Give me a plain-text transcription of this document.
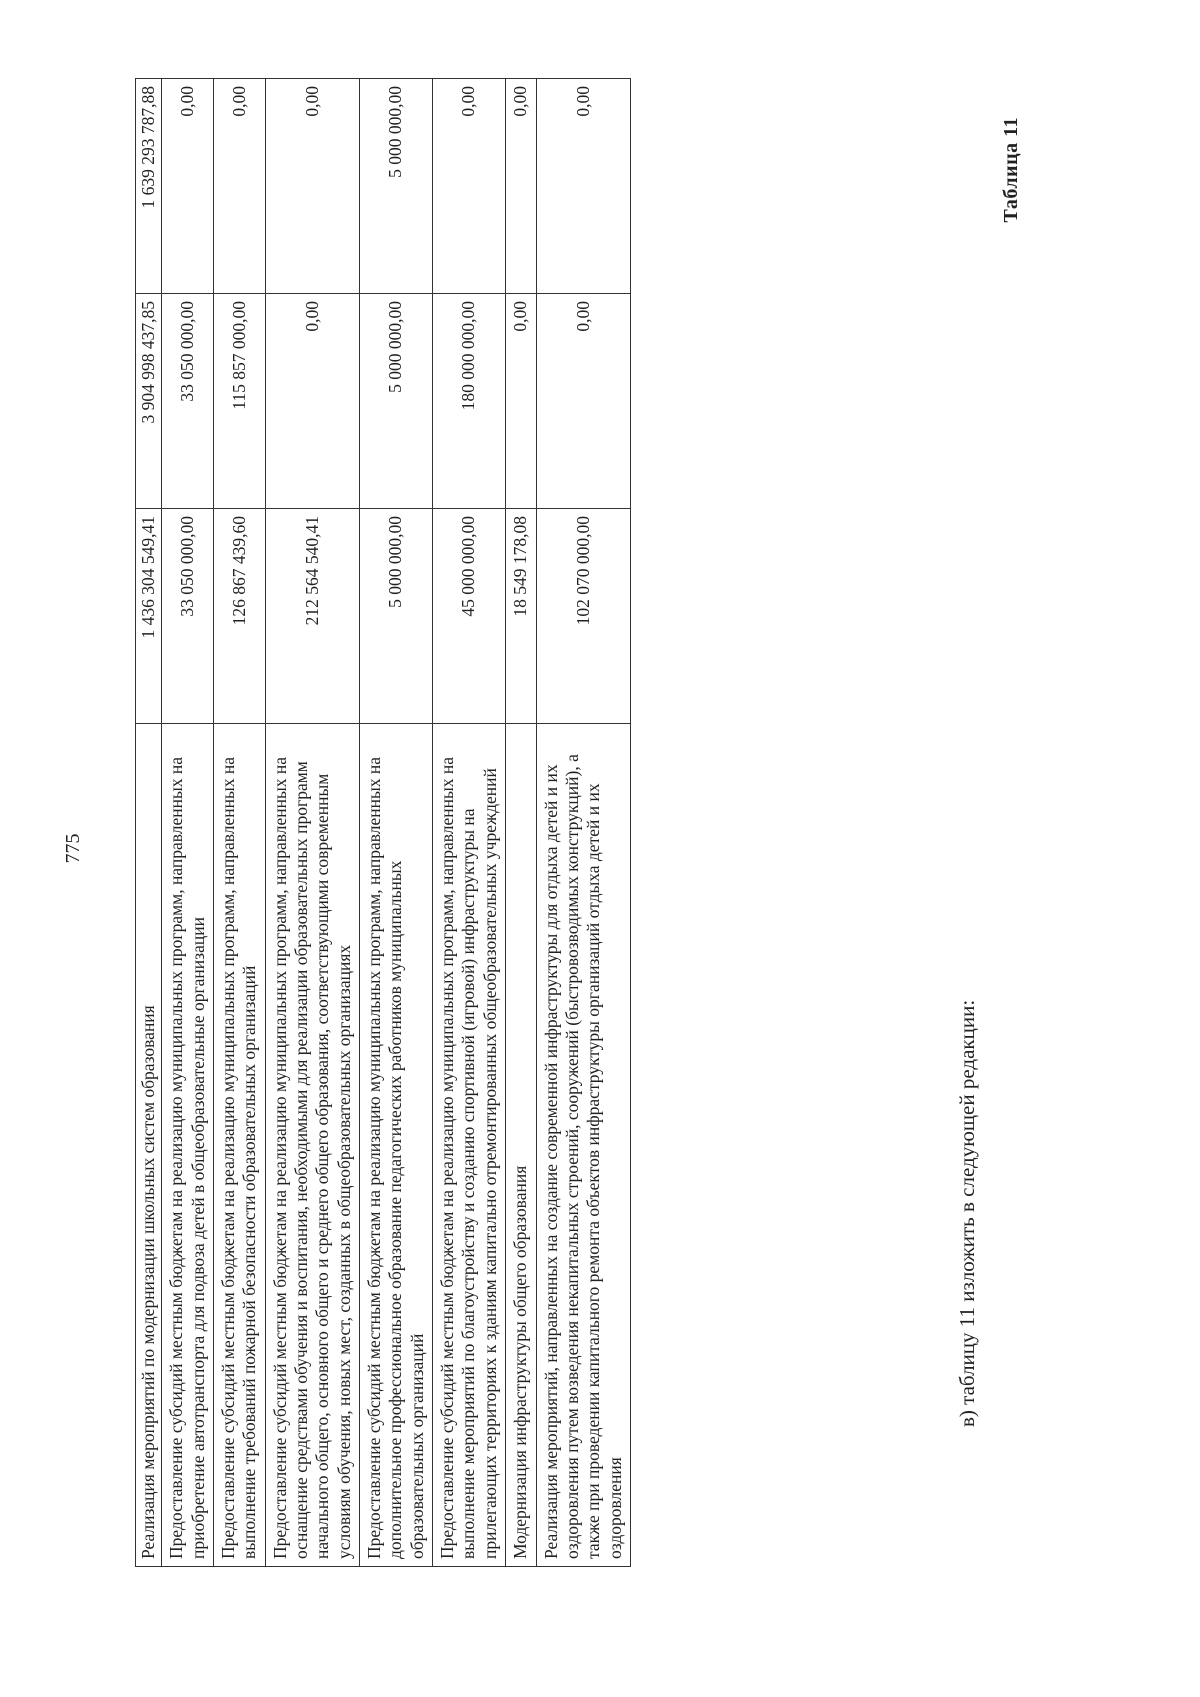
775
Реализация мероприятий по модернизации школьных систем образования	1 436 304 549,41	3 904 998 437,85	1 639 293 787,88
Предоставление субсидий местным бюджетам на реализацию муниципальных программ, направленных на приобретение автотранспорта для подвоза детей в общеобразовательные организации	33 050 000,00	33 050 000,00	0,00
Предоставление субсидий местным бюджетам на реализацию муниципальных программ, направленных на выполнение требований пожарной безопасности образовательных организаций	126 867 439,60	115 857 000,00	0,00
Предоставление субсидий местным бюджетам на реализацию муниципальных программ, направленных на оснащение средствами обучения и воспитания, необходимыми для реализации образовательных программ начального общего, основного общего и среднего общего образования, соответствующими современным условиям обучения, новых мест, созданных в общеобразовательных организациях	212 564 540,41	0,00	0,00
Предоставление субсидий местным бюджетам на реализацию муниципальных программ, направленных на дополнительное профессиональное образование педагогических работников муниципальных образовательных организаций	5 000 000,00	5 000 000,00	5 000 000,00
Предоставление субсидий местным бюджетам на реализацию муниципальных программ, направленных на выполнение мероприятий по благоустройству и созданию спортивной (игровой) инфраструктуры на прилегающих территориях к зданиям капитально отремонтированных общеобразовательных учреждений	45 000 000,00	180 000 000,00	0,00
Модернизация инфраструктуры общего образования	18 549 178,08	0,00	0,00
Реализация мероприятий, направленных на создание современной инфраструктуры для отдыха детей и их оздоровления путем возведения некапитальных строений, сооружений (быстровозводимых конструкций), а также при проведении капитального ремонта объектов инфраструктуры организаций отдыха детей и их оздоровления	102 070 000,00	0,00	0,00
в) таблицу 11 изложить в следующей редакции:
Таблица 11
